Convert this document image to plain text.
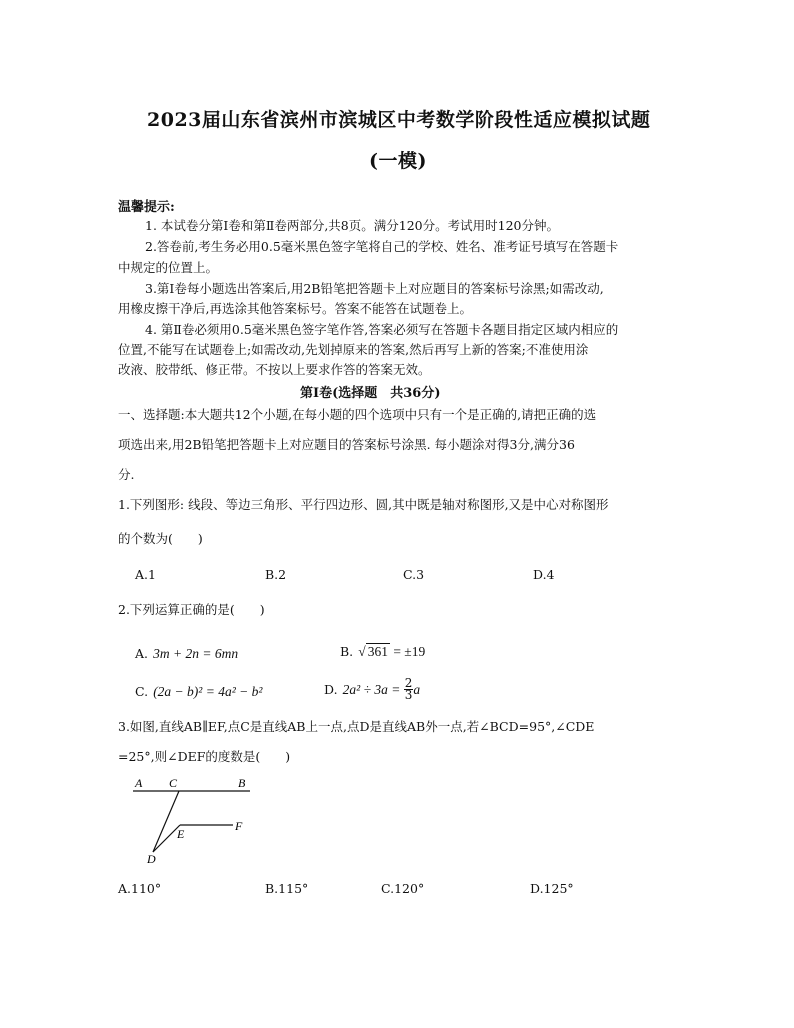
2023届山东省滨州市滨城区中考数学阶段性适应模拟试题
(一模)
温馨提示:
1. 本试卷分第Ⅰ卷和第Ⅱ卷两部分,共8页。满分120分。考试用时120分钟。
2.答卷前,考生务必用0.5毫米黑色签字笔将自己的学校、姓名、准考证号填写在答题卡
中规定的位置上。
3.第Ⅰ卷每小题选出答案后,用2B铅笔把答题卡上对应题目的答案标号涂黑;如需改动,
用橡皮擦干净后,再选涂其他答案标号。答案不能答在试题卷上。
4. 第Ⅱ卷必须用0.5毫米黑色签字笔作答,答案必须写在答题卡各题目指定区域内相应的
位置,不能写在试题卷上;如需改动,先划掉原来的答案,然后再写上新的答案;不准使用涂
改液、胶带纸、修正带。不按以上要求作答的答案无效。
第Ⅰ卷(选择题　共36分)
一、选择题:本大题共12个小题,在每小题的四个选项中只有一个是正确的,请把正确的选
项选出来,用2B铅笔把答题卡上对应题目的答案标号涂黑. 每小题涂对得3分,满分36
分.
1.下列图形: 线段、等边三角形、平行四边形、圆,其中既是轴对称图形,又是中心对称图形
的个数为(　　)
A.1	B.2	C.3	D.4
2.下列运算正确的是(　　)
A. 3m + 2n = 6mn	B. √ 361 = ±19
C. (2a − b)² = 4a² − b²	D. $2a^2 \div 3a = \frac{2}{3}$ a
3.如图,直线AB∥EF,点C是直线AB上一点,点D是直线AB外一点,若∠BCD=95°,∠CDE
=25°,则∠DEF的度数是(　　)
A C	B
E
F
D
A.110°	B.115°	C.120°	D.125°
